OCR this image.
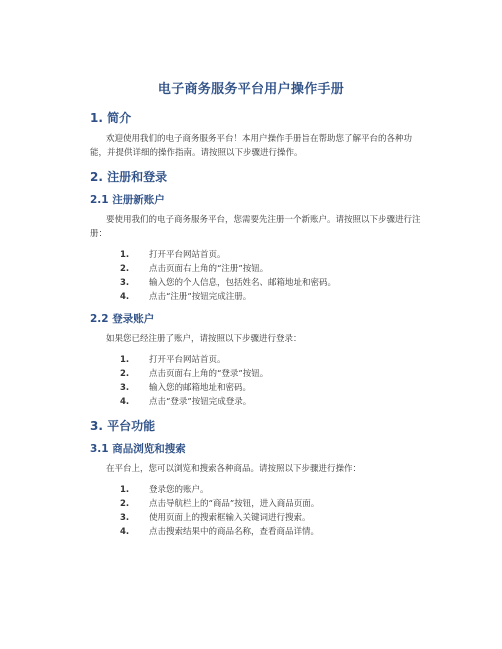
电子商务服务平台用户操作手册
1. 简介

欢迎使用我们的电子商务服务平台！本用户操作手册旨在帮助您了解平台的各种功能，并提供详细的操作指南。请按照以下步骤进行操作。

2. 注册和登录
2.1 注册新账户

要使用我们的电子商务服务平台，您需要先注册一个新账户。请按照以下步骤进行注册：

1.	打开平台网站首页。
2.	点击页面右上角的“注册”按钮。
3.	输入您的个人信息，包括姓名、邮箱地址和密码。
4.	点击“注册”按钮完成注册。
2.2 登录账户

如果您已经注册了账户，请按照以下步骤进行登录：

1.	打开平台网站首页。
2.	点击页面右上角的“登录”按钮。
3.	输入您的邮箱地址和密码。
4.	点击“登录”按钮完成登录。
3. 平台功能
3.1 商品浏览和搜索

在平台上，您可以浏览和搜索各种商品。请按照以下步骤进行操作：

1.	登录您的账户。
2.	点击导航栏上的“商品”按钮，进入商品页面。
3.	使用页面上的搜索框输入关键词进行搜索。
4.	点击搜索结果中的商品名称，查看商品详情。
